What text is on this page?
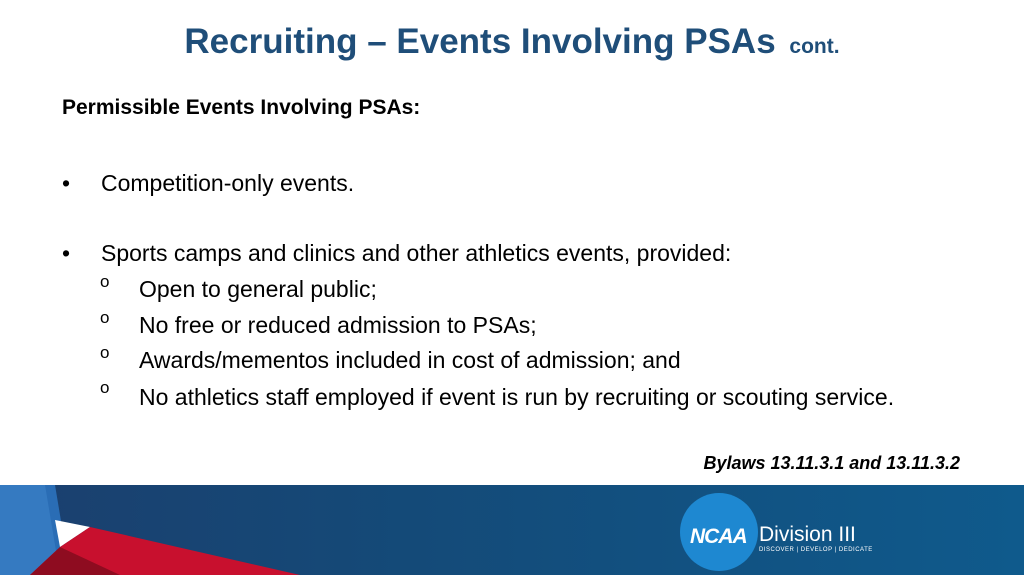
Recruiting – Events Involving PSAs cont.
Permissible Events Involving PSAs:
•	Competition-only events.
•	Sports camps and clinics and other athletics events, provided:
o Open to general public;
o No free or reduced admission to PSAs;
o Awards/mementos included in cost of admission; and
o No athletics staff employed if event is run by recruiting or scouting service.
Bylaws 13.11.3.1 and 13.11.3.2
NCAA Division III
DISCOVER | DEVELOP | DEDICATE
